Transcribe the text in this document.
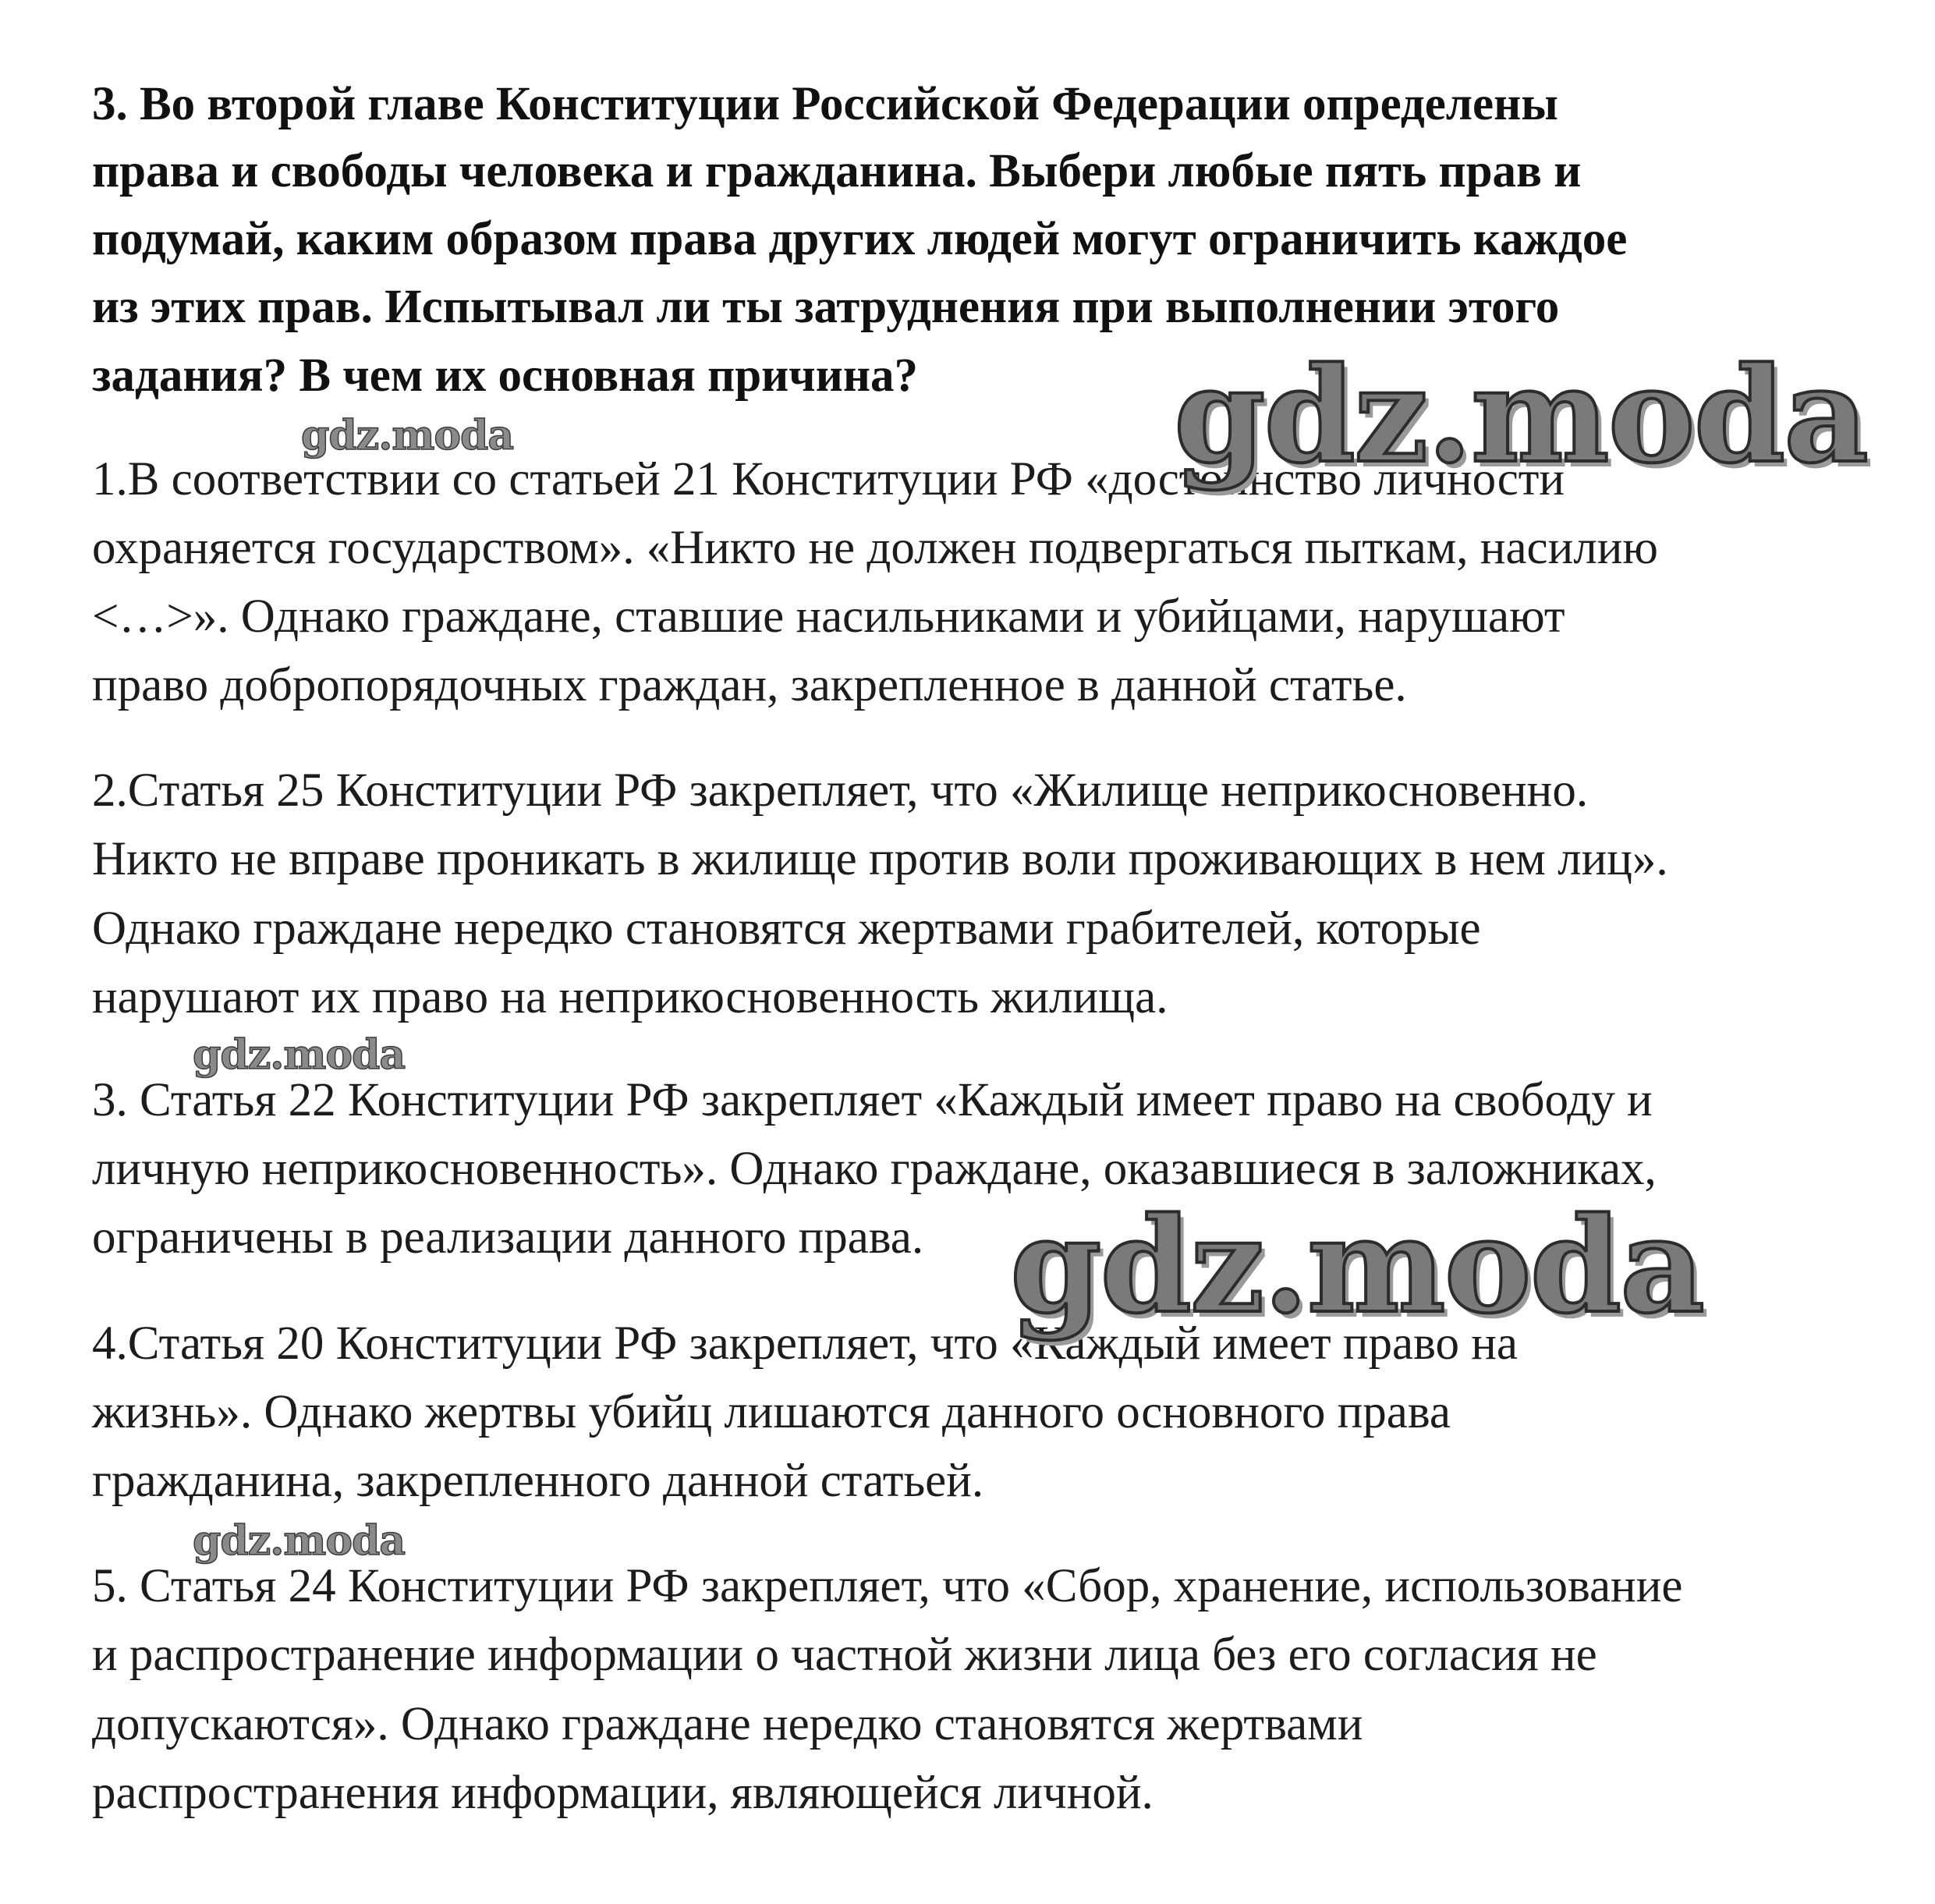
3. Во второй главе Конституции Российской Федерации определены

права и свободы человека и гражданина. Выбери любые пять прав и

подумай, каким образом права других людей могут ограничить каждое

из этих прав. Испытывал ли ты затруднения при выполнении этого

задания? В чем их основная причина?

1.В соответствии со статьей 21 Конституции РФ «достоинство личности

охраняется государством». «Никто не должен подвергаться пыткам, насилию

<…>». Однако граждане, ставшие насильниками и убийцами, нарушают

право добропорядочных граждан, закрепленное в данной статье.

2.Статья 25 Конституции РФ закрепляет, что «Жилище неприкосновенно.

Никто не вправе проникать в жилище против воли проживающих в нем лиц».

Однако граждане нередко становятся жертвами грабителей, которые

нарушают их право на неприкосновенность жилища.

3. Статья 22 Конституции РФ закрепляет «Каждый имеет право на свободу и

личную неприкосновенность». Однако граждане, оказавшиеся в заложниках,

ограничены в реализации данного права.

4.Статья 20 Конституции РФ закрепляет, что «Каждый имеет право на

жизнь». Однако жертвы убийц лишаются данного основного права

гражданина, закрепленного данной статьей.

5. Статья 24 Конституции РФ закрепляет, что «Сбор, хранение, использование

и распространение информации о частной жизни лица без его согласия не

допускаются». Однако граждане нередко становятся жертвами

распространения информации, являющейся личной.

gdz.moda
gdz.moda
gdz.moda
gdz.moda
gdz.moda
